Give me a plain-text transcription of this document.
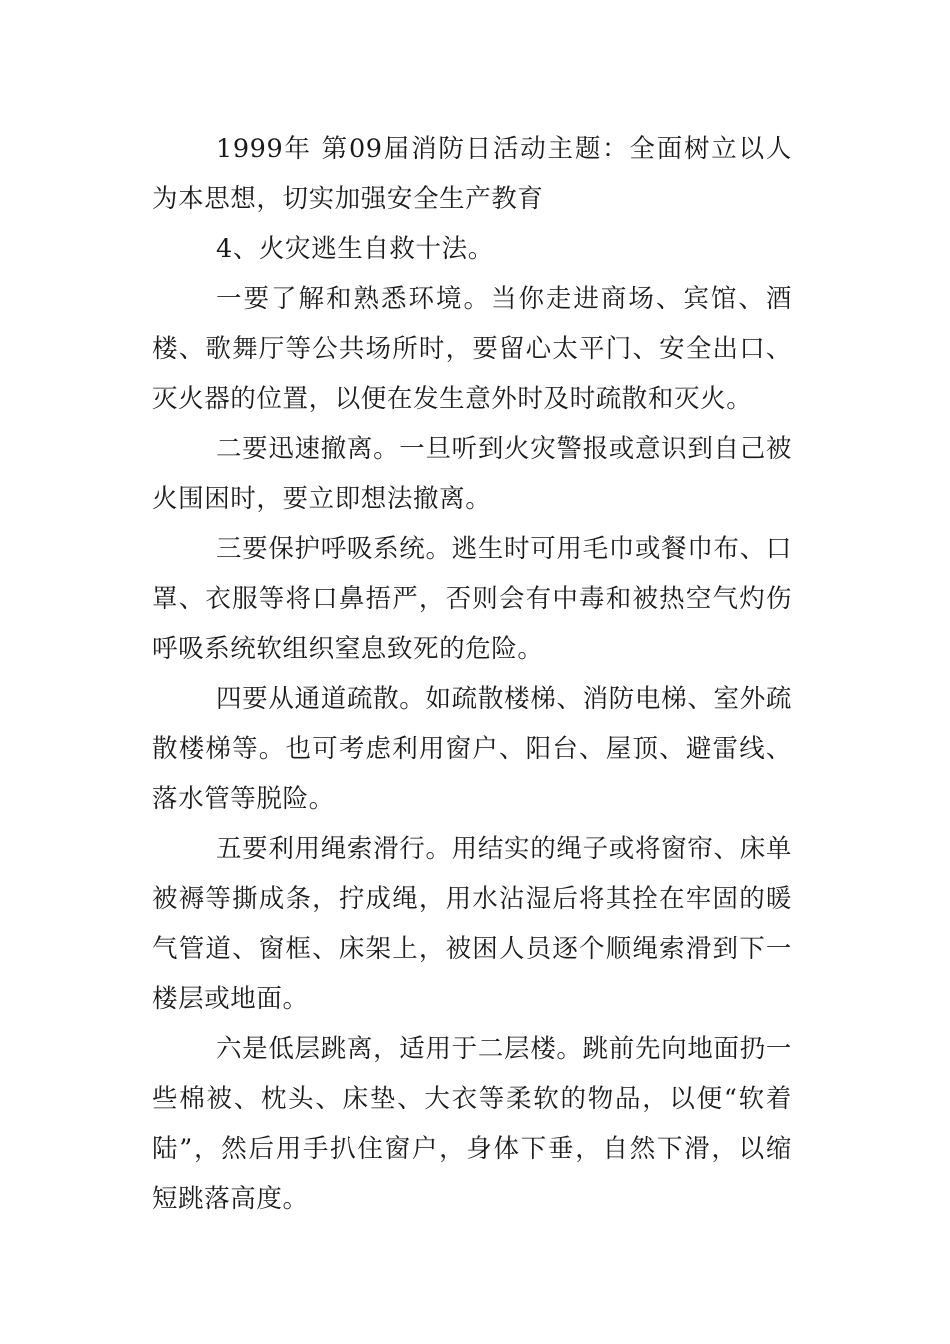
1999年 第09届消防日活动主题：全面树立以人为本思想，切实加强安全生产教育

4、火灾逃生自救十法。

一要了解和熟悉环境。当你走进商场、宾馆、酒楼、歌舞厅等公共场所时，要留心太平门、安全出口、灭火器的位置，以便在发生意外时及时疏散和灭火。

二要迅速撤离。一旦听到火灾警报或意识到自己被火围困时，要立即想法撤离。

三要保护呼吸系统。逃生时可用毛巾或餐巾布、口罩、衣服等将口鼻捂严，否则会有中毒和被热空气灼伤呼吸系统软组织窒息致死的危险。

四要从通道疏散。如疏散楼梯、消防电梯、室外疏散楼梯等。也可考虑利用窗户、阳台、屋顶、避雷线、落水管等脱险。

五要利用绳索滑行。用结实的绳子或将窗帘、床单被褥等撕成条，拧成绳，用水沾湿后将其拴在牢固的暖气管道、窗框、床架上，被困人员逐个顺绳索滑到下一楼层或地面。

六是低层跳离，适用于二层楼。跳前先向地面扔一些棉被、枕头、床垫、大衣等柔软的物品，以便“软着陆”，然后用手扒住窗户，身体下垂，自然下滑，以缩短跳落高度。
